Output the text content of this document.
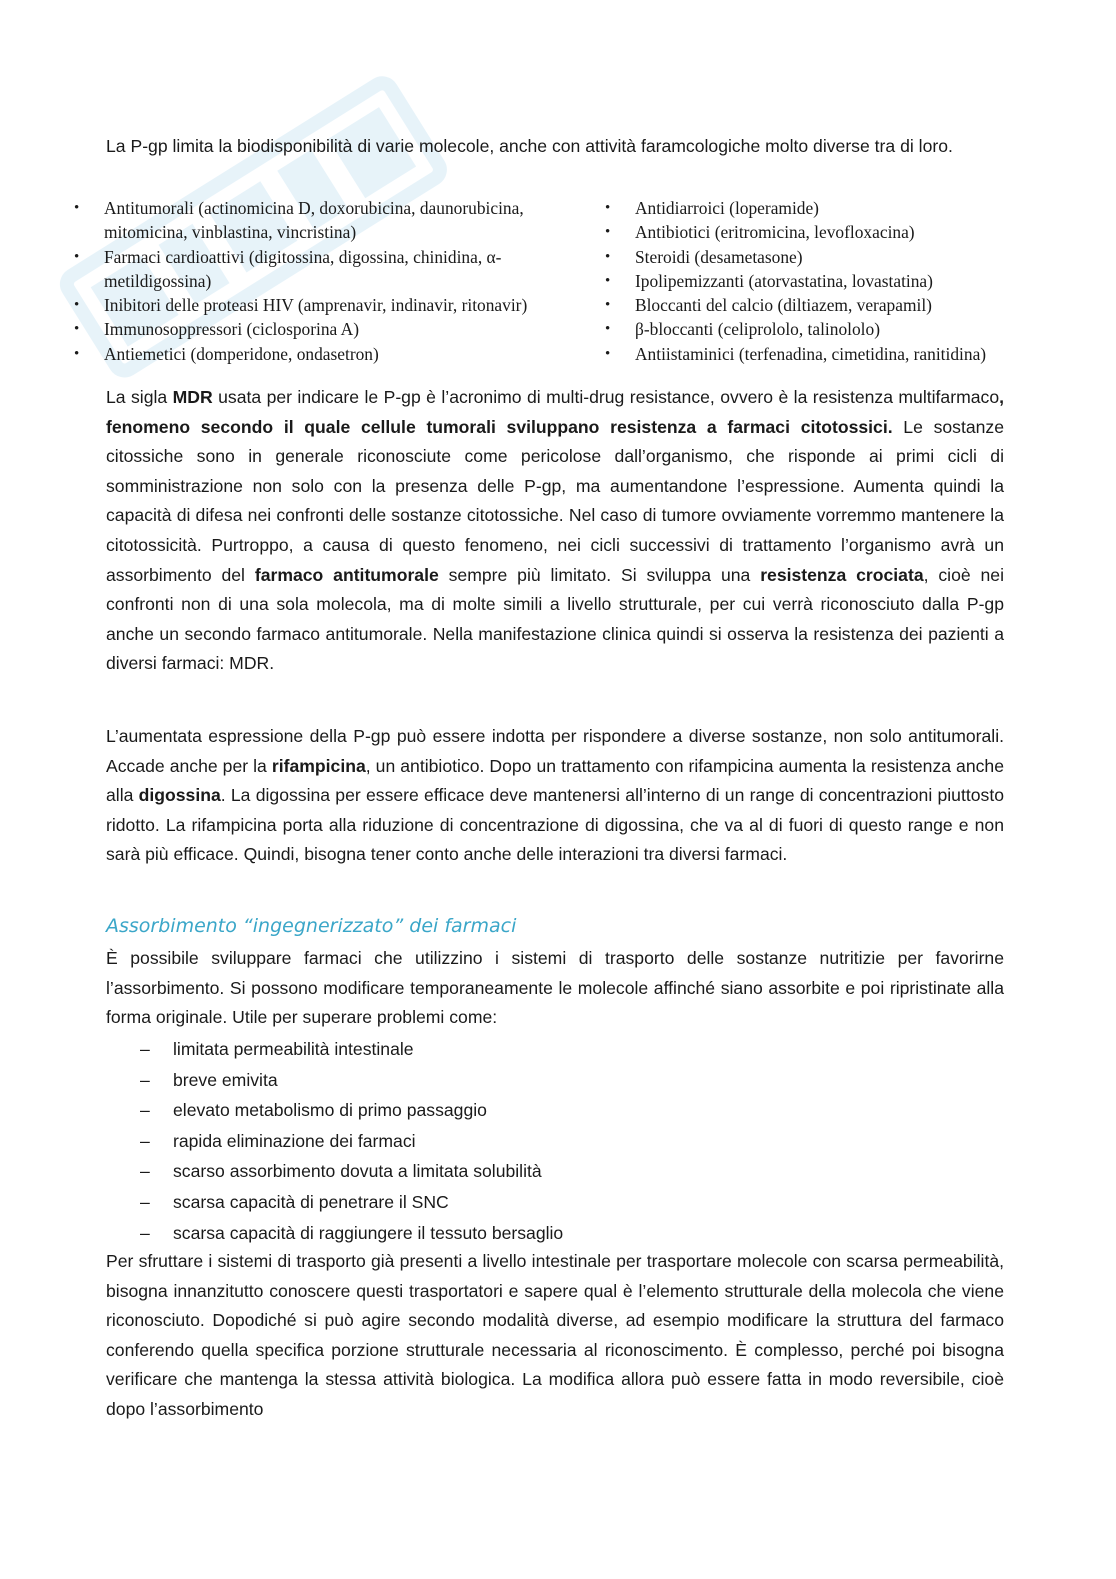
La P-gp limita la biodisponibilità di varie molecole, anche con attività faramcologiche molto diverse tra di loro.

• Antitumorali (actinomicina D, doxorubicina, daunorubicina, mitomicina, vinblastina, vincristina)
• Farmaci cardioattivi (digitossina, digossina, chinidina, α-metildigossina)
• Inibitori delle proteasi HIV (amprenavir, indinavir, ritonavir)
• Immunosoppressori (ciclosporina A)
• Antiemetici (domperidone, ondasetron)
• Antidiarroici (loperamide)
• Antibiotici (eritromicina, levofloxacina)
• Steroidi (desametasone)
• Ipolipemizzanti (atorvastatina, lovastatina)
• Bloccanti del calcio (diltiazem, verapamil)
• β-bloccanti (celiprololo, talinololo)
• Antiistaminici (terfenadina, cimetidina, ranitidina)

La sigla MDR usata per indicare le P-gp è l’acronimo di multi-drug resistance, ovvero è la resistenza multifarmaco, fenomeno secondo il quale cellule tumorali sviluppano resistenza a farmaci citotossici. Le sostanze citossiche sono in generale riconosciute come pericolose dall’organismo, che risponde ai primi cicli di somministrazione non solo con la presenza delle P-gp, ma aumentandone l’espressione. Aumenta quindi la capacità di difesa nei confronti delle sostanze citotossiche. Nel caso di tumore ovviamente vorremmo mantenere la citotossicità. Purtroppo, a causa di questo fenomeno, nei cicli successivi di trattamento l’organismo avrà un assorbimento del farmaco antitumorale sempre più limitato. Si sviluppa una resistenza crociata, cioè nei confronti non di una sola molecola, ma di molte simili a livello strutturale, per cui verrà riconosciuto dalla P-gp anche un secondo farmaco antitumorale. Nella manifestazione clinica quindi si osserva la resistenza dei pazienti a diversi farmaci: MDR.

L’aumentata espressione della P-gp può essere indotta per rispondere a diverse sostanze, non solo antitumorali. Accade anche per la rifampicina, un antibiotico. Dopo un trattamento con rifampicina aumenta la resistenza anche alla digossina. La digossina per essere efficace deve mantenersi all’interno di un range di concentrazioni piuttosto ridotto. La rifampicina porta alla riduzione di concentrazione di digossina, che va al di fuori di questo range e non sarà più efficace. Quindi, bisogna tener conto anche delle interazioni tra diversi farmaci.

Assorbimento “ingegnerizzato” dei farmaci

È possibile sviluppare farmaci che utilizzino i sistemi di trasporto delle sostanze nutritizie per favorirne l’assorbimento. Si possono modificare temporaneamente le molecole affinché siano assorbite e poi ripristinate alla forma originale. Utile per superare problemi come:

– limitata permeabilità intestinale
– breve emivita
– elevato metabolismo di primo passaggio
– rapida eliminazione dei farmaci
– scarso assorbimento dovuta a limitata solubilità
– scarsa capacità di penetrare il SNC
– scarsa capacità di raggiungere il tessuto bersaglio

Per sfruttare i sistemi di trasporto già presenti a livello intestinale per trasportare molecole con scarsa permeabilità, bisogna innanzitutto conoscere questi trasportatori e sapere qual è l’elemento strutturale della molecola che viene riconosciuto. Dopodiché si può agire secondo modalità diverse, ad esempio modificare la struttura del farmaco conferendo quella specifica porzione strutturale necessaria al riconoscimento. È complesso, perché poi bisogna verificare che mantenga la stessa attività biologica. La modifica allora può essere fatta in modo reversibile, cioè dopo l’assorbimento
